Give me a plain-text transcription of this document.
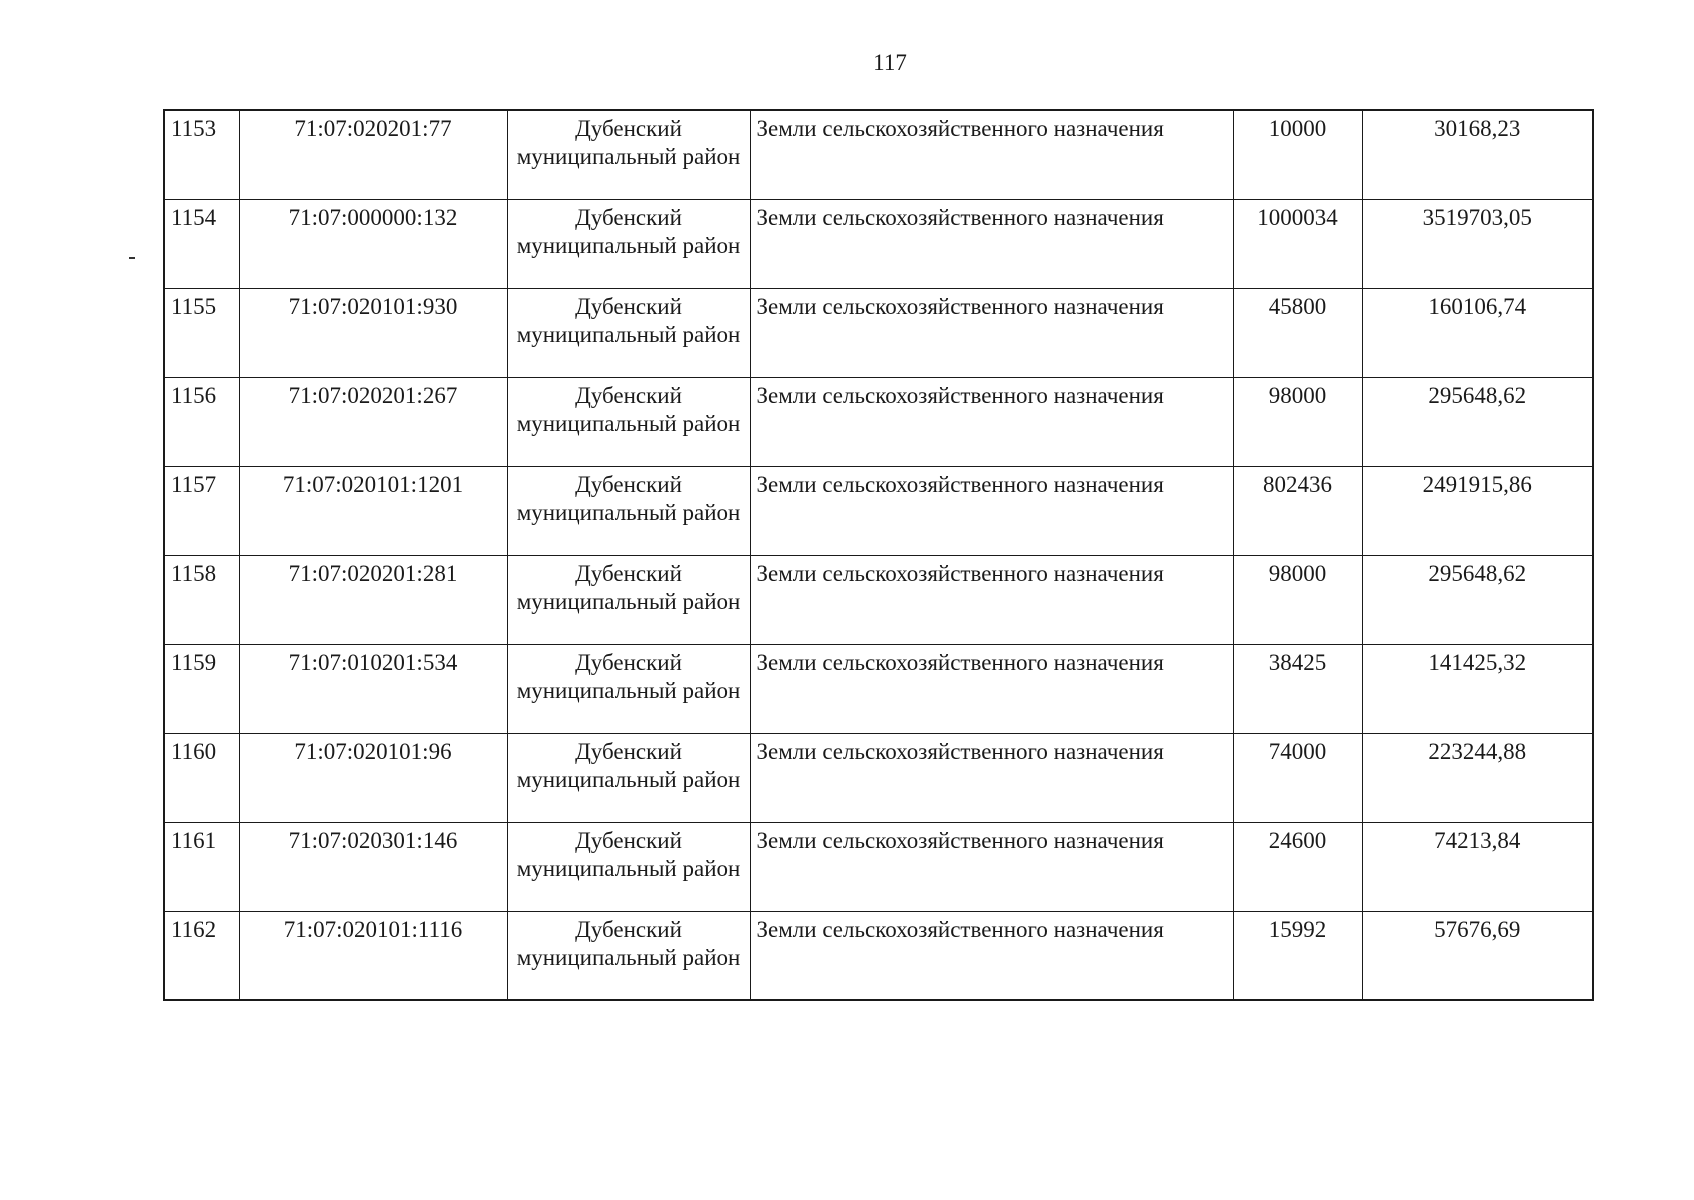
117
1153	71:07:020201:77	Дубенский муниципальный район	Земли сельскохозяйственного назначения	10000	30168,23
1154	71:07:000000:132	Дубенский муниципальный район	Земли сельскохозяйственного назначения	1000034	3519703,05
1155	71:07:020101:930	Дубенский муниципальный район	Земли сельскохозяйственного назначения	45800	160106,74
1156	71:07:020201:267	Дубенский муниципальный район	Земли сельскохозяйственного назначения	98000	295648,62
1157	71:07:020101:1201	Дубенский муниципальный район	Земли сельскохозяйственного назначения	802436	2491915,86
1158	71:07:020201:281	Дубенский муниципальный район	Земли сельскохозяйственного назначения	98000	295648,62
1159	71:07:010201:534	Дубенский муниципальный район	Земли сельскохозяйственного назначения	38425	141425,32
1160	71:07:020101:96	Дубенский муниципальный район	Земли сельскохозяйственного назначения	74000	223244,88
1161	71:07:020301:146	Дубенский муниципальный район	Земли сельскохозяйственного назначения	24600	74213,84
1162	71:07:020101:1116	Дубенский муниципальный район	Земли сельскохозяйственного назначения	15992	57676,69
